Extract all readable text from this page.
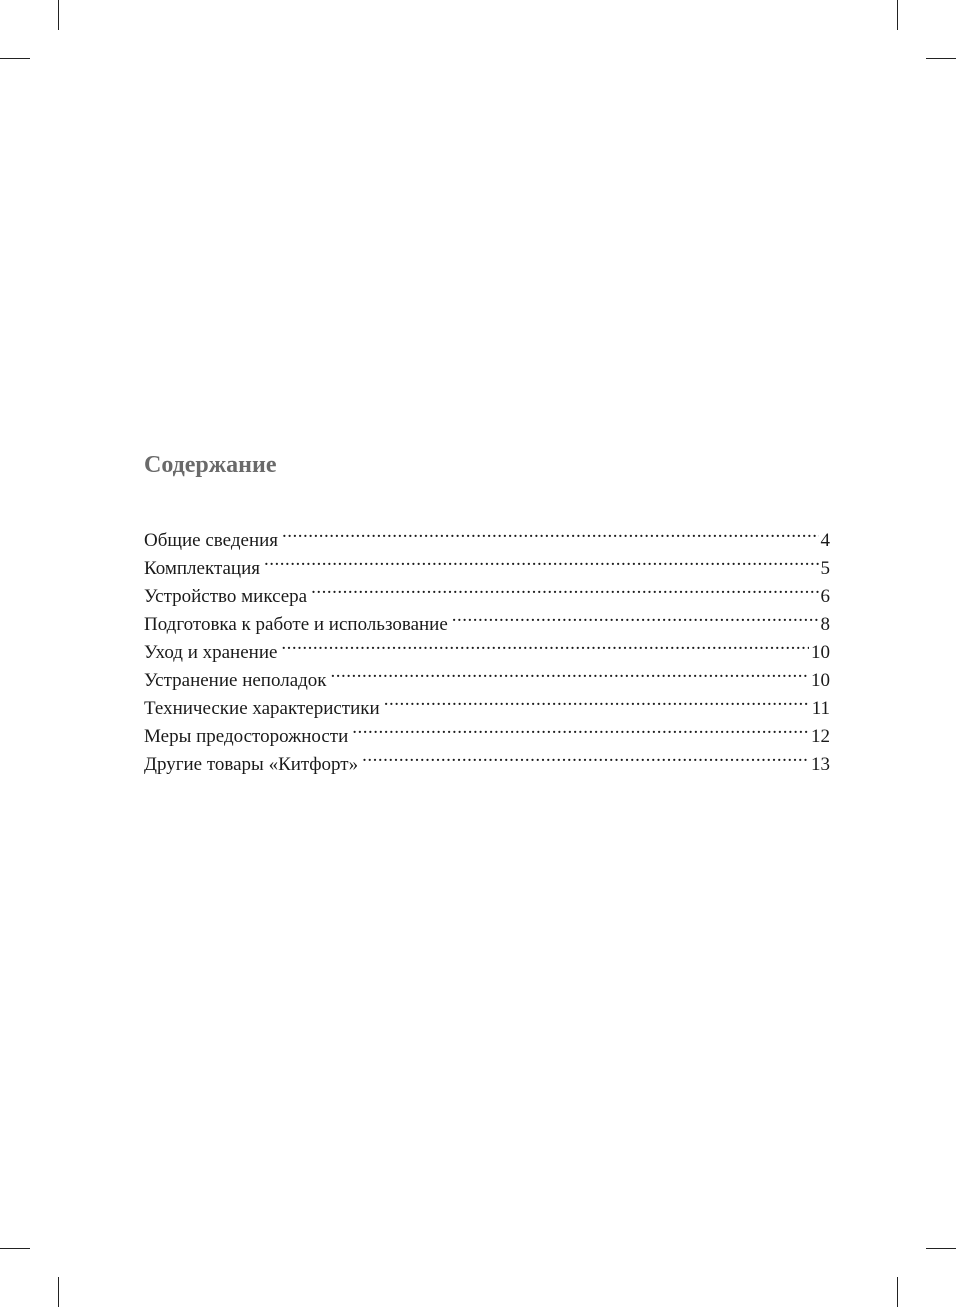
Содержание
Общие сведения .....	4
Комплектация .....	5
Устройство миксера .....	6
Подготовка к работе и использование .....	8
Уход и хранение .....	10
Устранение неполадок .....	10
Технические характеристики .....	11
Меры предосторожности .....	12
Другие товары «Китфорт» .....	13
